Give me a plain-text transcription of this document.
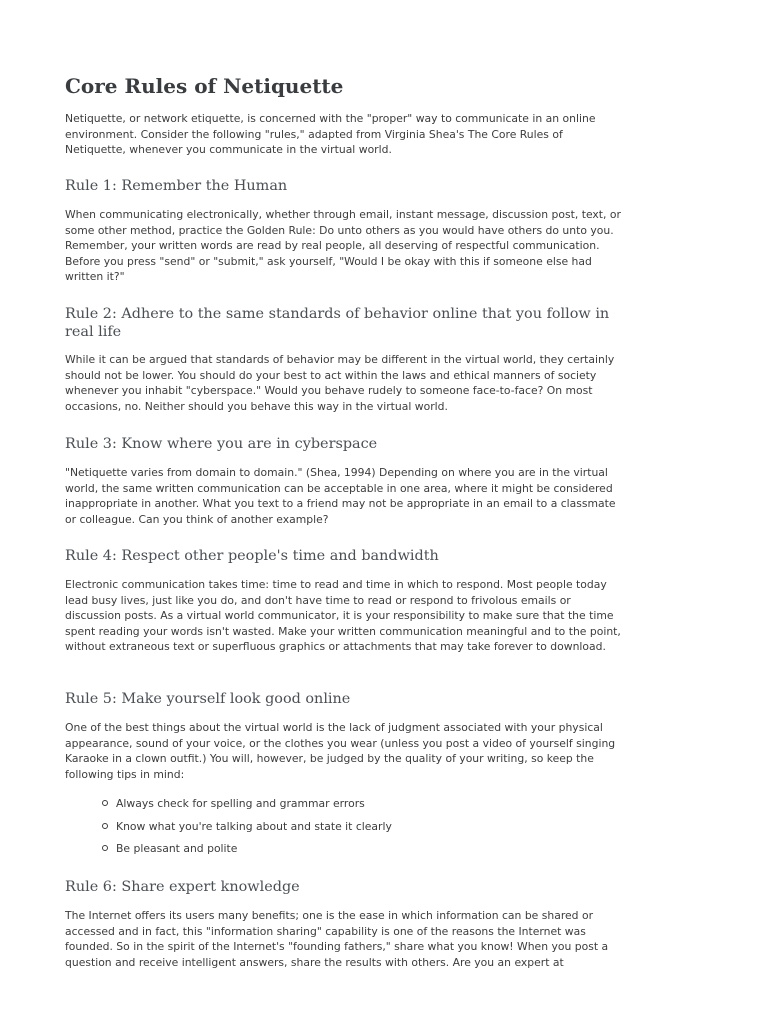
Core Rules of Netiquette

Netiquette, or network etiquette, is concerned with the "proper" way to communicate in an online environment. Consider the following "rules," adapted from Virginia Shea's The Core Rules of Netiquette, whenever you communicate in the virtual world.

Rule 1: Remember the Human

When communicating electronically, whether through email, instant message, discussion post, text, or some other method, practice the Golden Rule: Do unto others as you would have others do unto you. Remember, your written words are read by real people, all deserving of respectful communication. Before you press "send" or "submit," ask yourself, "Would I be okay with this if someone else had written it?"

Rule 2: Adhere to the same standards of behavior online that you follow in real life

While it can be argued that standards of behavior may be different in the virtual world, they certainly should not be lower. You should do your best to act within the laws and ethical manners of society whenever you inhabit "cyberspace." Would you behave rudely to someone face-to-face? On most occasions, no. Neither should you behave this way in the virtual world.

Rule 3: Know where you are in cyberspace

"Netiquette varies from domain to domain." (Shea, 1994) Depending on where you are in the virtual world, the same written communication can be acceptable in one area, where it might be considered inappropriate in another. What you text to a friend may not be appropriate in an email to a classmate or colleague. Can you think of another example?

Rule 4: Respect other people's time and bandwidth

Electronic communication takes time: time to read and time in which to respond. Most people today lead busy lives, just like you do, and don't have time to read or respond to frivolous emails or discussion posts. As a virtual world communicator, it is your responsibility to make sure that the time spent reading your words isn't wasted. Make your written communication meaningful and to the point, without extraneous text or superfluous graphics or attachments that may take forever to download.

Rule 5: Make yourself look good online

One of the best things about the virtual world is the lack of judgment associated with your physical appearance, sound of your voice, or the clothes you wear (unless you post a video of yourself singing Karaoke in a clown outfit.) You will, however, be judged by the quality of your writing, so keep the following tips in mind:

Always check for spelling and grammar errors
Know what you're talking about and state it clearly
Be pleasant and polite
Rule 6: Share expert knowledge

The Internet offers its users many benefits; one is the ease in which information can be shared or accessed and in fact, this "information sharing" capability is one of the reasons the Internet was founded. So in the spirit of the Internet's "founding fathers," share what you know! When you post a question and receive intelligent answers, share the results with others. Are you an expert at
